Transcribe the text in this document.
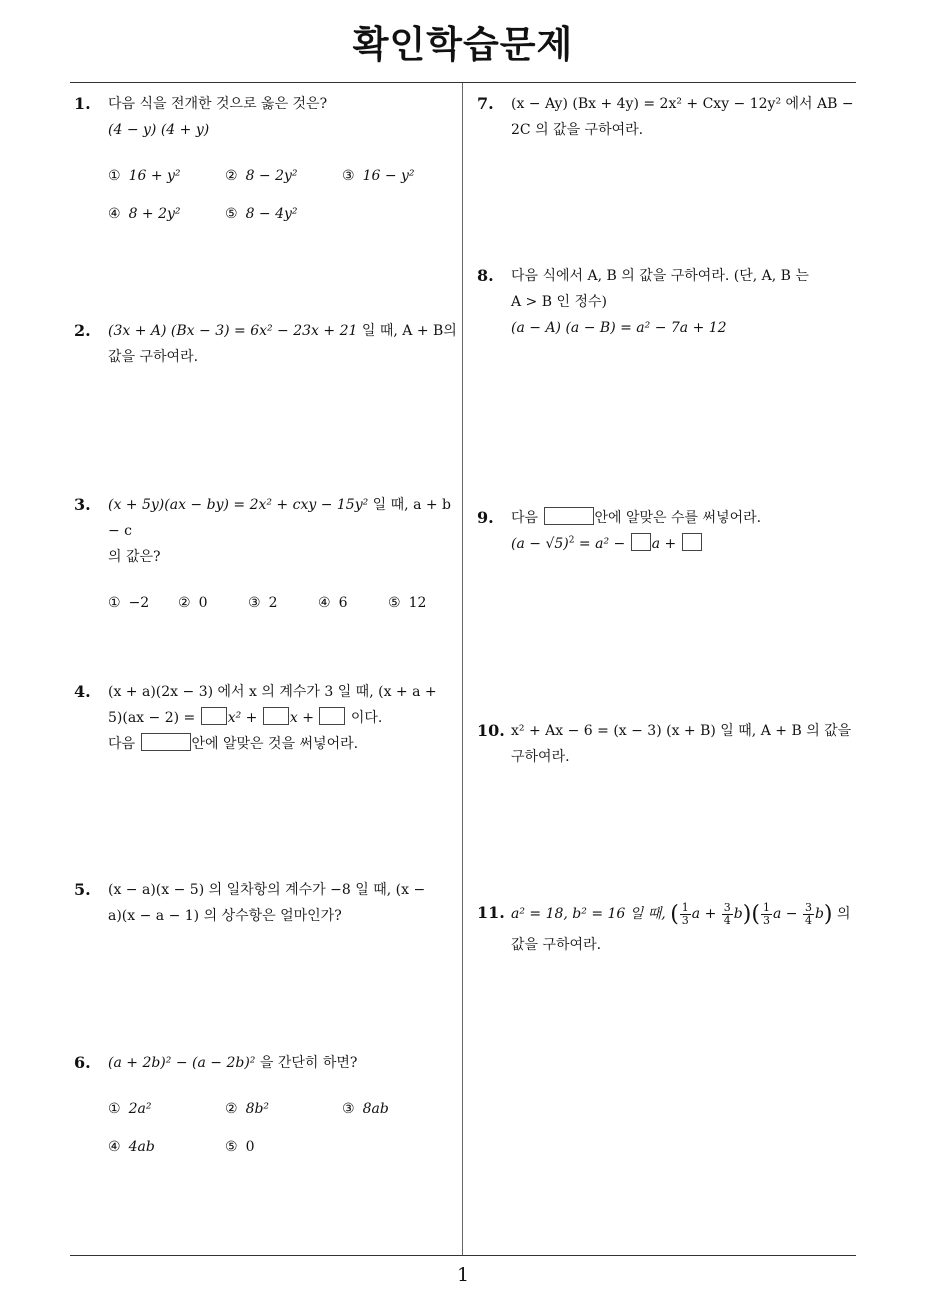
확인학습문제
1. 다음 식을 전개한 것으로 옳은 것은?

(4 − y) (4 + y)

① 16 + y²	② 8 − 2y²	③ 16 − y²
④ 8 + 2y²	⑤ 8 − 4y²
2. (3x + A) (Bx − 3) = 6x² − 23x + 21 일 때, A + B의

값을 구하여라.

3. (x + 5y)(ax − by) = 2x² + cxy − 15y² 일 때, a + b − c

의 값은?

① −2	② 0	③ 2	④ 6	⑤ 12
4. (x + a)(2x − 3) 에서 x 의 계수가 3 일 때, (x + a +

5)(ax − 2) = x² + x +  이다.

다음	안에 알맞은 것을 써넣어라.

5. (x − a)(x − 5) 의 일차항의 계수가 −8 일 때, (x −

a)(x − a − 1) 의 상수항은 얼마인가?

6. (a + 2b)² − (a − 2b)² 을 간단히 하면?

① 2a²	② 8b²	③ 8ab
④ 4ab	⑤ 0
7. (x − Ay) (Bx + 4y) = 2x² + Cxy − 12y² 에서 AB −

2C 의 값을 구하여라.

8. 다음 식에서 A, B 의 값을 구하여라. (단, A, B 는

A > B 인 정수)

(a − A) (a − B) = a² − 7a + 12

9. 다음	안에 알맞은 수를 써넣어라.

$(a - √5)^2 = a^2 - a$ +

10. x² + Ax − 6 = (x − 3) (x + B) 일 때, A + B 의 값을

구하여라.

11. a² = 18, b² = 16 일 때, ( $\frac{1}{3}$ $a + \frac{3}{4} b)( \frac{1}{3}$ $a - \frac{3}{4} b$) 의

값을 구하여라.

1
